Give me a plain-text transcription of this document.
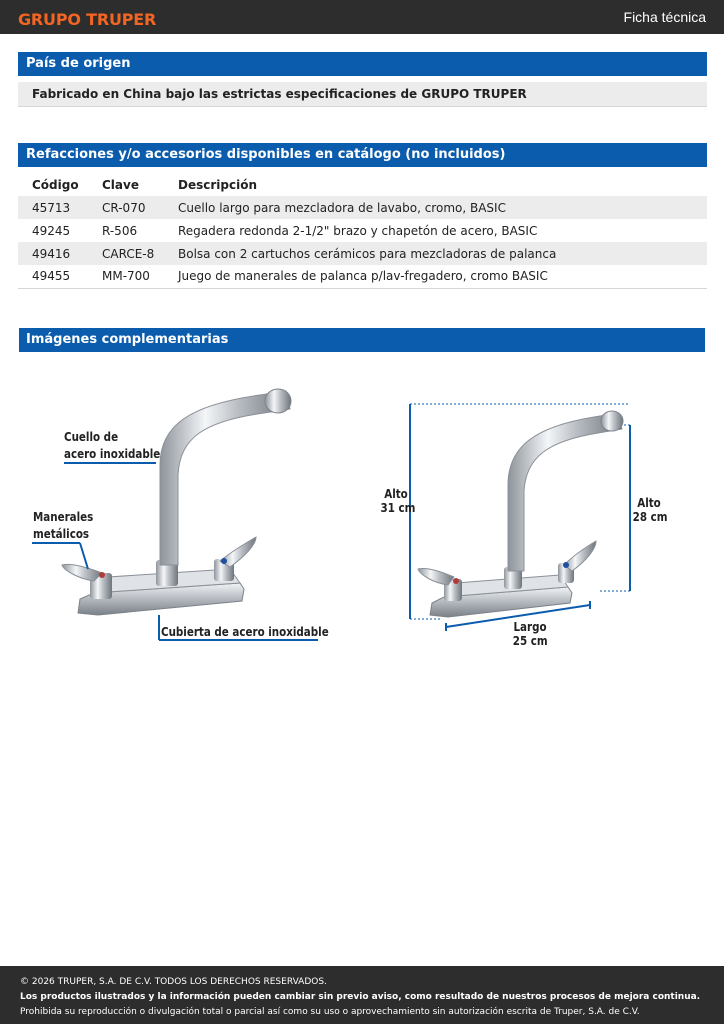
GRUPO TRUPER	Ficha técnica
País de origen
Fabricado en China bajo las estrictas especificaciones de GRUPO TRUPER
Refacciones y/o accesorios disponibles en catálogo (no incluidos)
Código	Clave	Descripción
45713	CR-070	Cuello largo para mezcladora de lavabo, cromo, BASIC
49245	R-506	Regadera redonda 2-1/2" brazo y chapetón de acero, BASIC
49416	CARCE-8	Bolsa con 2 cartuchos cerámicos para mezcladoras de palanca
49455	MM-700	Juego de manerales de palanca p/lav-fregadero, cromo BASIC
Imágenes complementarias
Cuello de
acero inoxidable
Manerales
metálicos
Cubierta de acero inoxidable
Alto
31 cm	Alto
28 cm
Largo
25 cm
© 2026 TRUPER, S.A. DE C.V. TODOS LOS DERECHOS RESERVADOS.
Los productos ilustrados y la información pueden cambiar sin previo aviso, como resultado de nuestros procesos de mejora continua.
Prohibida su reproducción o divulgación total o parcial así como su uso o aprovechamiento sin autorización escrita de Truper, S.A. de C.V.
